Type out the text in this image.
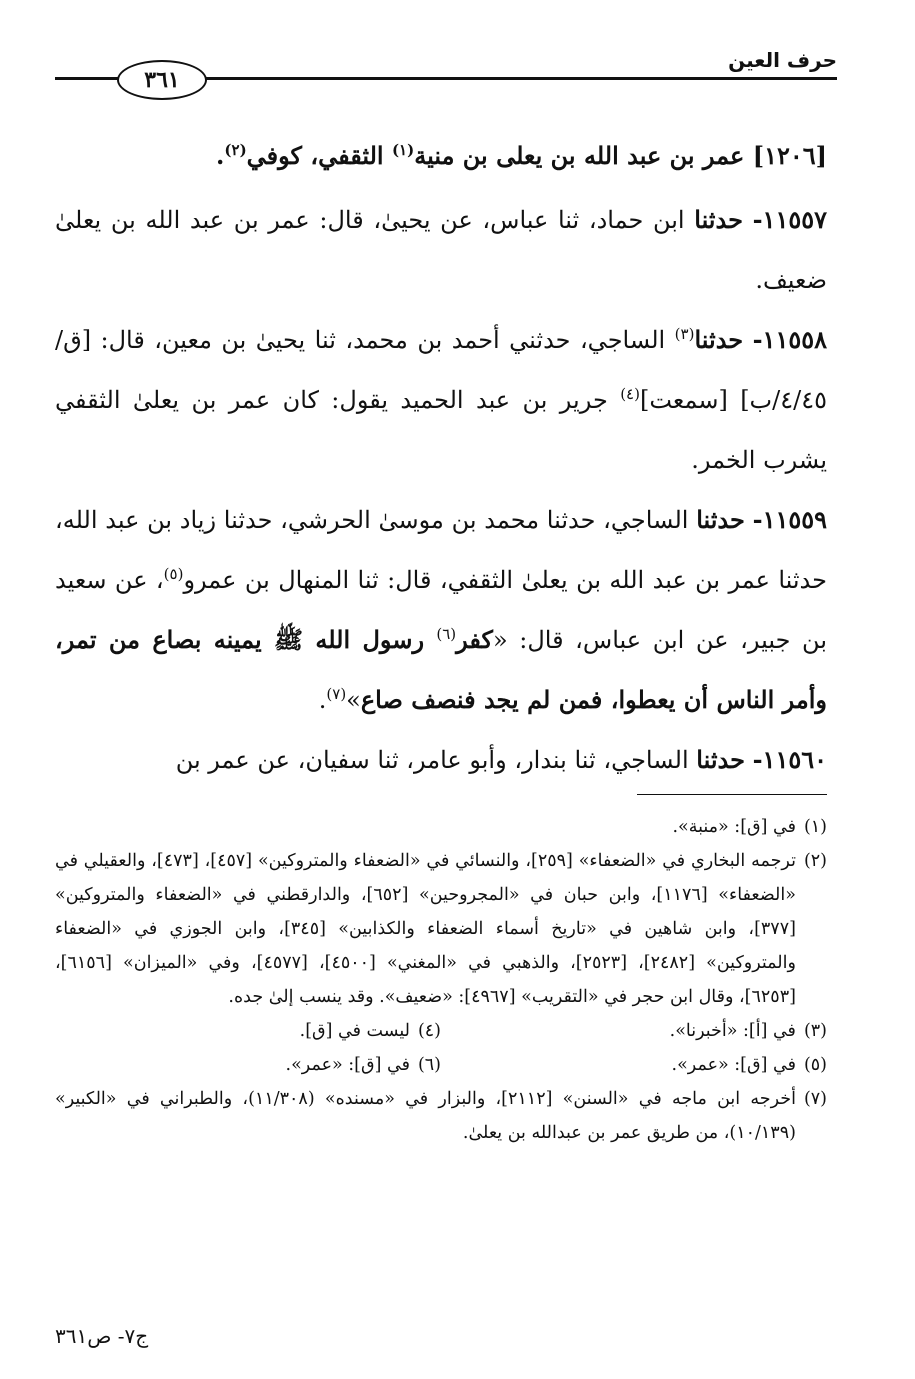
حرف العين
٣٦١
[١٢٠٦] عمر بن عبد الله بن يعلى بن منية$^{(١)}$ الثقفي، كوفي$^{(٢)}$.

١١٥٥٧- حدثنا ابن حماد، ثنا عباس، عن يحيىٰ، قال: عمر بن عبد الله بن يعلىٰ ضعيف.

١١٥٥٨- حدثنا$^{(٣)}$ الساجي، حدثني أحمد بن محمد، ثنا يحيىٰ بن معين، قال: [ق/٤/٤٥/ب] [سمعت]$^{(٤)}$ جرير بن عبد الحميد يقول: كان عمر بن يعلىٰ الثقفي يشرب الخمر.

١١٥٥٩- حدثنا الساجي، حدثنا محمد بن موسىٰ الحرشي، حدثنا زياد بن عبد الله، حدثنا عمر بن عبد الله بن يعلىٰ الثقفي، قال: ثنا المنهال بن عمرو$^{(٥)}$، عن سعيد بن جبير، عن ابن عباس، قال: «كفر$^{(٦)}$ رسول الله ﷺ يمينه بصاع من تمر، وأمر الناس أن يعطوا، فمن لم يجد فنصف صاع»$^{(٧)}$.

١١٥٦٠- حدثنا الساجي، ثنا بندار، وأبو عامر، ثنا سفيان، عن عمر بن

(١)
في [ق]: «منبة».
(٢)
ترجمه البخاري في «الضعفاء» [٢٥٩]، والنسائي في «الضعفاء والمتروكين» [٤٥٧]، [٤٧٣]، والعقيلي في «الضعفاء» [١١٧٦]، وابن حبان في «المجروحين» [٦٥٢]، والدارقطني في «الضعفاء والمتروكين» [٣٧٧]، وابن شاهين في «تاريخ أسماء الضعفاء والكذابين» [٣٤٥]، وابن الجوزي في «الضعفاء والمتروكين» [٢٤٨٢]، [٢٥٢٣]، والذهبي في «المغني» [٤٥٠٠]، [٤٥٧٧]، وفي «الميزان» [٦١٥٦]، [٦٢٥٣]، وقال ابن حجر في «التقريب» [٤٩٦٧]: «ضعيف». وقد ينسب إلىٰ جده.
(٣)
في [أ]: «أخبرنا».
(٤)
ليست في [ق].
(٥)
في [ق]: «عمر».
(٦)
في [ق]: «عمر».
(٧)
أخرجه ابن ماجه في «السنن» [٢١١٢]، والبزار في «مسنده» (١١/٣٠٨)، والطبراني في «الكبير» (١٠/١٣٩)، من طريق عمر بن عبدالله بن يعلىٰ.
ج٧- ص٣٦١
